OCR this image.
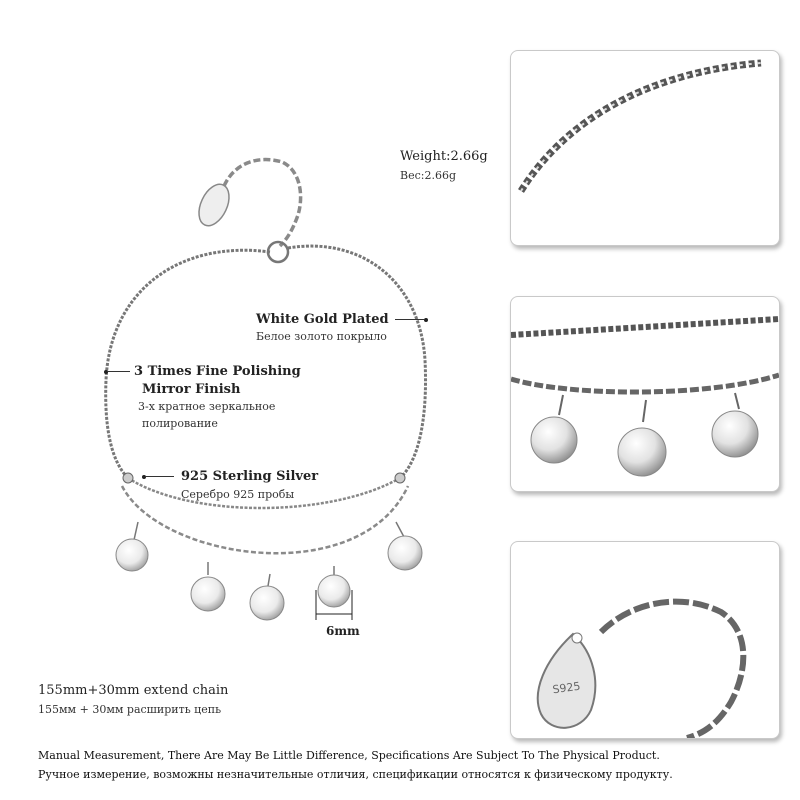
Weight:2.66g
Вес:2.66g
White Gold Plated
Белое золото покрыло
3 Times Fine Polishing
Mirror Finish
3-х кратное зеркальное
полирование
925 Sterling Silver
Серебро 925 пробы
6mm
155mm+30mm extend chain
155мм + 30мм расширить цепь
Manual Measurement, There Are May Be Little Difference, Specifications Are Subject To The Physical Product.
Ручное измерение, возможны незначительные отличия, спецификации относятся к физическому продукту.
S925
